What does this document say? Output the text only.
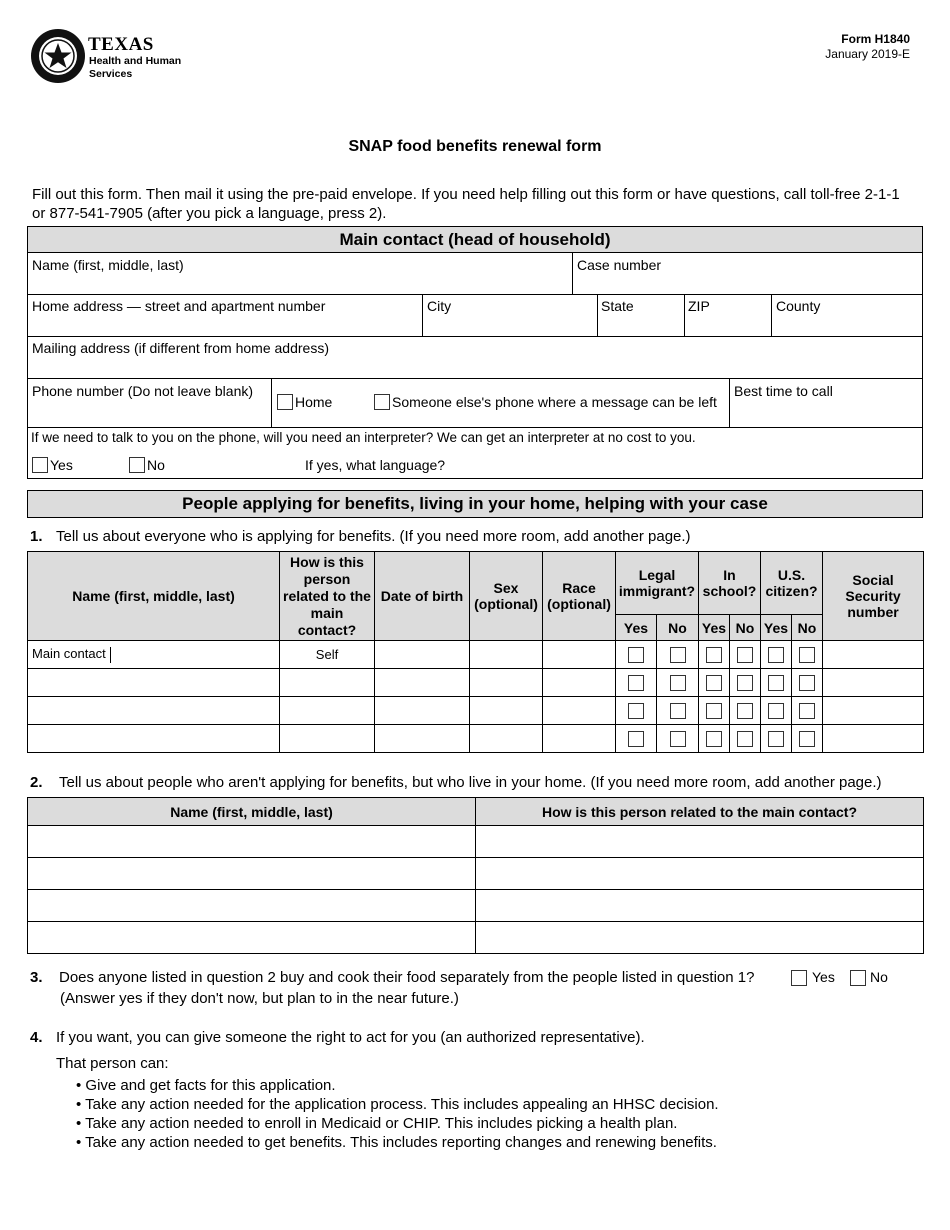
TEXAS
Health and Human
Services
Form H1840
January 2019-E
SNAP food benefits renewal form
Fill out this form. Then mail it using the pre-paid envelope. If you need help filling out this form or have questions, call toll-free 2-1-1 or 877-541-7905 (after you pick a language, press 2).
Main contact (head of household)
Name (first, middle, last)	Case number
Home address — street and apartment number	City	State	ZIP	County
Mailing address (if different from home address)
Phone number (Do not leave blank)
Home	Someone else's phone where a message can be left
Best time to call
If we need to talk to you on the phone, will you need an interpreter? We can get an interpreter at no cost to you.
Yes	No	If yes, what language?
People applying for benefits, living in your home, helping with your case
1. Tell us about everyone who is applying for benefits. (If you need more room, add another page.)
Name (first, middle, last)	How is this person related to the main contact?	Date of birth	Sex (optional)	Race (optional)	Legal immigrant?		In school?		U.S. citizen?		Social Security number
					Yes	No	Yes	No	Yes	No	
Main contact	Self										

2. Tell us about people who aren't applying for benefits, but who live in your home. (If you need more room, add another page.)
Name (first, middle, last)	How is this person related to the main contact?

3. Does anyone listed in question 2 buy and cook their food separately from the people listed in question 1?	Yes	No
(Answer yes if they don't now, but plan to in the near future.)
4. If you want, you can give someone the right to act for you (an authorized representative).
That person can:
• Give and get facts for this application.
• Take any action needed for the application process. This includes appealing an HHSC decision.
• Take any action needed to enroll in Medicaid or CHIP. This includes picking a health plan.
• Take any action needed to get benefits. This includes reporting changes and renewing benefits.
